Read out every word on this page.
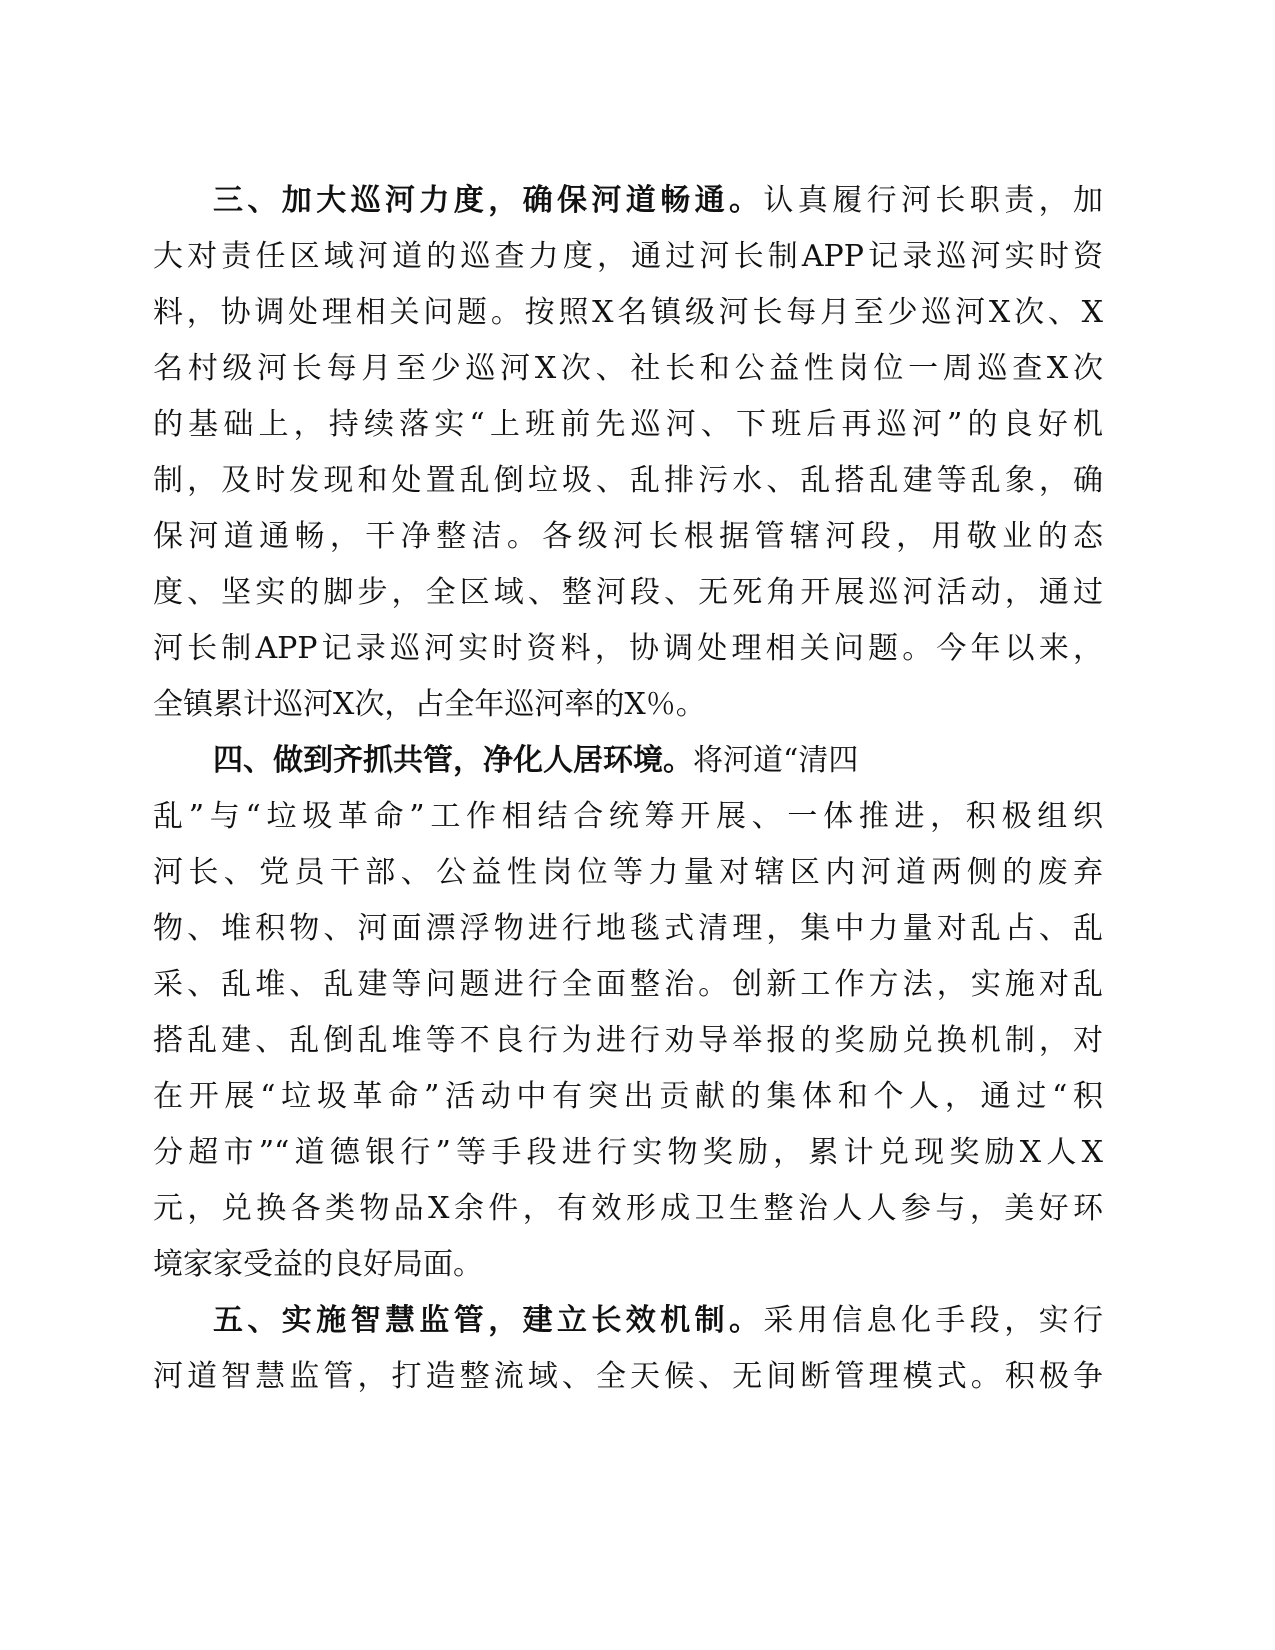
三、加大巡河力度，确保河道畅通。认真履行河长职责，加
大对责任区域河道的巡查力度，通过河长制APP记录巡河实时资
料，协调处理相关问题。按照X名镇级河长每月至少巡河X次、X
名村级河长每月至少巡河X次、社长和公益性岗位一周巡查X次
的基础上，持续落实“上班前先巡河、下班后再巡河”的良好机
制，及时发现和处置乱倒垃圾、乱排污水、乱搭乱建等乱象，确
保河道通畅，干净整洁。各级河长根据管辖河段，用敬业的态
度、坚实的脚步，全区域、整河段、无死角开展巡河活动，通过
河长制APP记录巡河实时资料，协调处理相关问题。今年以来，
全镇累计巡河X次，占全年巡河率的X％。
四、做到齐抓共管，净化人居环境。将河道“清四
乱”与“垃圾革命”工作相结合统筹开展、一体推进，积极组织
河长、党员干部、公益性岗位等力量对辖区内河道两侧的废弃
物、堆积物、河面漂浮物进行地毯式清理，集中力量对乱占、乱
采、乱堆、乱建等问题进行全面整治。创新工作方法，实施对乱
搭乱建、乱倒乱堆等不良行为进行劝导举报的奖励兑换机制，对
在开展“垃圾革命”活动中有突出贡献的集体和个人，通过“积
分超市”“道德银行”等手段进行实物奖励，累计兑现奖励X人X
元，兑换各类物品X余件，有效形成卫生整治人人参与，美好环
境家家受益的良好局面。
五、实施智慧监管，建立长效机制。采用信息化手段，实行
河道智慧监管，打造整流域、全天候、无间断管理模式。积极争
